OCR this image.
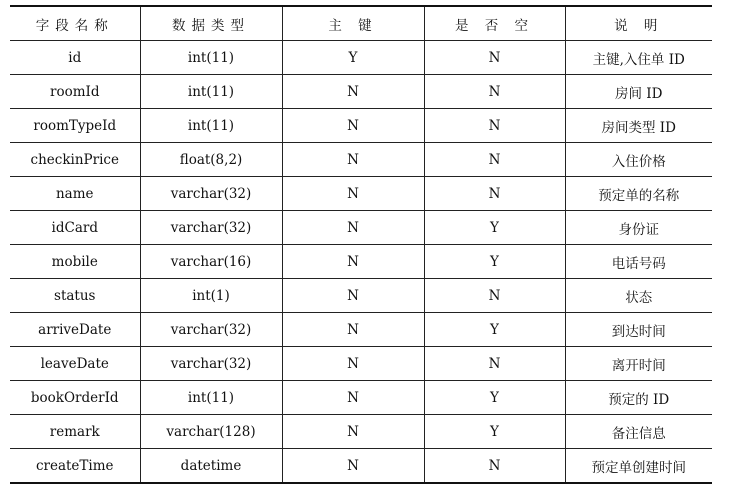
字段名称	数据类型	主 键	是 否 空	说 明
id	int(11)	Y	N	主键,入住单 ID
roomId	int(11)	N	N	房间 ID
roomTypeId	int(11)	N	N	房间类型 ID
checkinPrice	float(8,2)	N	N	入住价格
name	varchar(32)	N	N	预定单的名称
idCard	varchar(32)	N	Y	身份证
mobile	varchar(16)	N	Y	电话号码
status	int(1)	N	N	状态
arriveDate	varchar(32)	N	Y	到达时间
leaveDate	varchar(32)	N	N	离开时间
bookOrderId	int(11)	N	Y	预定的 ID
remark	varchar(128)	N	Y	备注信息
createTime	datetime	N	N	预定单创建时间
